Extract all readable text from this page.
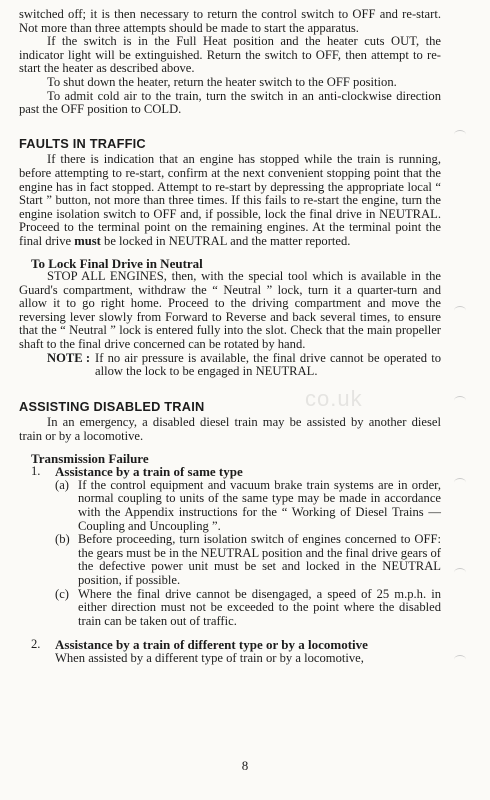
switched off; it is then necessary to return the control switch to OFF and re-start. Not more than three attempts should be made to start the apparatus.

If the switch is in the Full Heat position and the heater cuts OUT, the indicator light will be extinguished. Return the switch to OFF, then attempt to re-start the heater as described above.

To shut down the heater, return the heater switch to the OFF position.

To admit cold air to the train, turn the switch in an anti-clockwise direction past the OFF position to COLD.

FAULTS IN TRAFFIC

If there is indication that an engine has stopped while the train is running, before attempting to re-start, confirm at the next convenient stopping point that the engine has in fact stopped. Attempt to re-start by depressing the appropriate local “ Start ” button, not more than three times. If this fails to re-start the engine, turn the engine isolation switch to OFF and, if possible, lock the final drive in NEUTRAL. Proceed to the terminal point on the remaining engines. At the terminal point the final drive must be locked in NEUTRAL and the matter reported.

To Lock Final Drive in Neutral

STOP ALL ENGINES, then, with the special tool which is available in the Guard's compartment, withdraw the “ Neutral ” lock, turn it a quarter-turn and allow it to go right home. Proceed to the driving compartment and move the reversing lever slowly from Forward to Reverse and back several times, to ensure that the “ Neutral ” lock is entered fully into the slot. Check that the main propeller shaft to the final drive concerned can be rotated by hand.

NOTE : If no air pressure is available, the final drive cannot be operated to allow the lock to be engaged in NEUTRAL.
ASSISTING DISABLED TRAIN

In an emergency, a disabled diesel train may be assisted by another diesel train or by a locomotive.

Transmission Failure
1.	Assistance by a train of same type
(a) If the control equipment and vacuum brake train systems are in order, normal coupling to units of the same type may be made in accordance with the Appendix instructions for the “ Working of Diesel Trains — Coupling and Uncoupling ”.
(b) Before proceeding, turn isolation switch of engines concerned to OFF: the gears must be in the NEUTRAL position and the final drive gears of the defective power unit must be set and locked in the NEUTRAL position, if possible.
(c) Where the final drive cannot be disengaged, a speed of 25 m.p.h. in either direction must not be exceeded to the point where the disabled train can be taken out of traffic.
2.	Assistance by a train of different type or by a locomotive

When assisted by a different type of train or by a locomotive,

co.uk
8
